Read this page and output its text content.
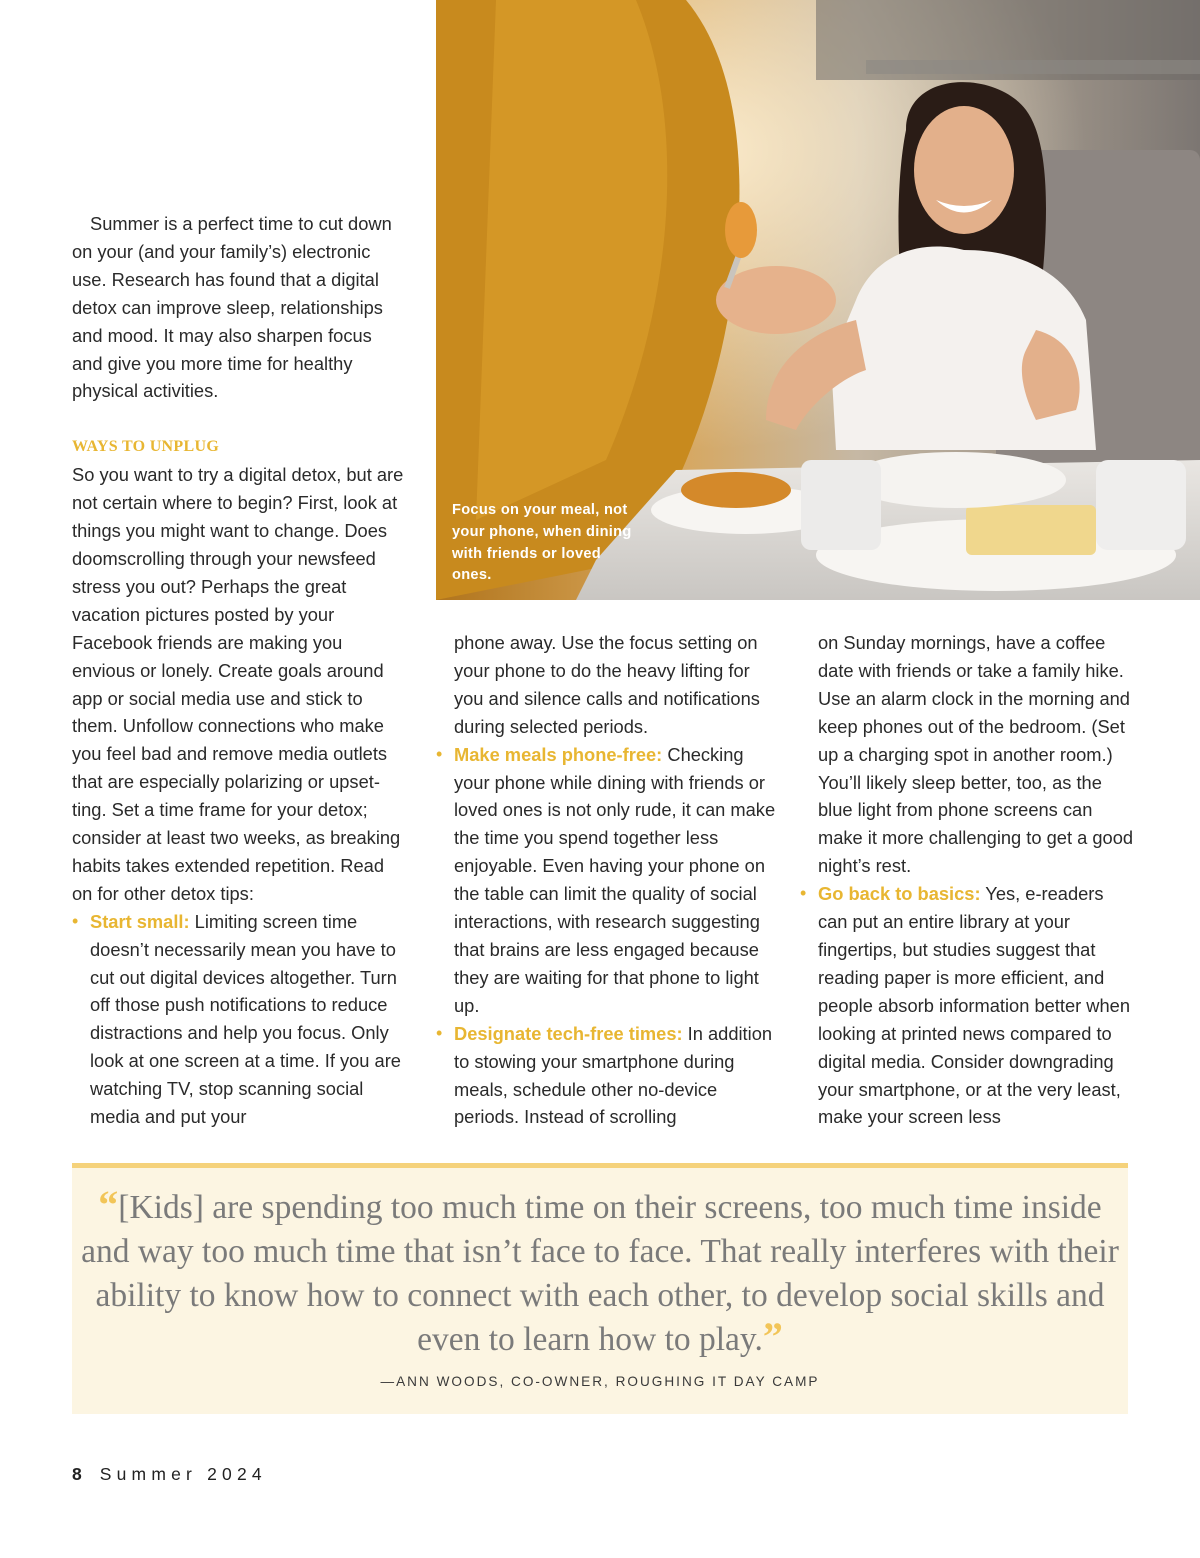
Focus on your meal, not your phone, when dining with friends or loved ones.

Summer is a perfect time to cut down on your (and your family’s) electronic use. Research has found that a digital detox can improve sleep, relationships and mood. It may also sharpen focus and give you more time for healthy physical activities.

WAYS TO UNPLUG

So you want to try a digital detox, but are not certain where to begin? First, look at things you might want to change. Does doomscrolling through your newsfeed stress you out? Perhaps the great vacation pictures posted by your Facebook friends are making you envious or lonely. Create goals around app or social media use and stick to them. Unfollow connections who make you feel bad and remove media outlets that are especially polarizing or upsetting. Set a time frame for your detox; consider at least two weeks, as breaking habits takes extended repetition. Read on for other detox tips:

• Start small: Limiting screen time doesn’t necessarily mean you have to cut out digital devices altogether. Turn off those push notifications to reduce distractions and help you focus. Only look at one screen at a time. If you are watching TV, stop scanning social media and put your

phone away. Use the focus setting on your phone to do the heavy lifting for you and silence calls and notifications during selected periods.

• Make meals phone-free: Checking your phone while dining with friends or loved ones is not only rude, it can make the time you spend together less enjoyable. Even having your phone on the table can limit the quality of social interactions, with research suggesting that brains are less engaged because they are waiting for that phone to light up.

• Designate tech-free times: In addition to stowing your smartphone during meals, schedule other no-device periods. Instead of scrolling

on Sunday mornings, have a coffee date with friends or take a family hike. Use an alarm clock in the morning and keep phones out of the bedroom. (Set up a charging spot in another room.) You’ll likely sleep better, too, as the blue light from phone screens can make it more challenging to get a good night’s rest.

• Go back to basics: Yes, e-readers can put an entire library at your fingertips, but studies suggest that reading paper is more efficient, and people absorb information better when looking at printed news compared to digital media. Consider downgrading your smartphone, or at the very least, make your screen less

“[Kids] are spending too much time on their screens, too much time inside and way too much time that isn’t face to face. That really interferes with their ability to know how to connect with each other, to develop social skills and even to learn how to play.”
—ANN WOODS, CO-OWNER, ROUGHING IT DAY CAMP
8 Summer 2024
